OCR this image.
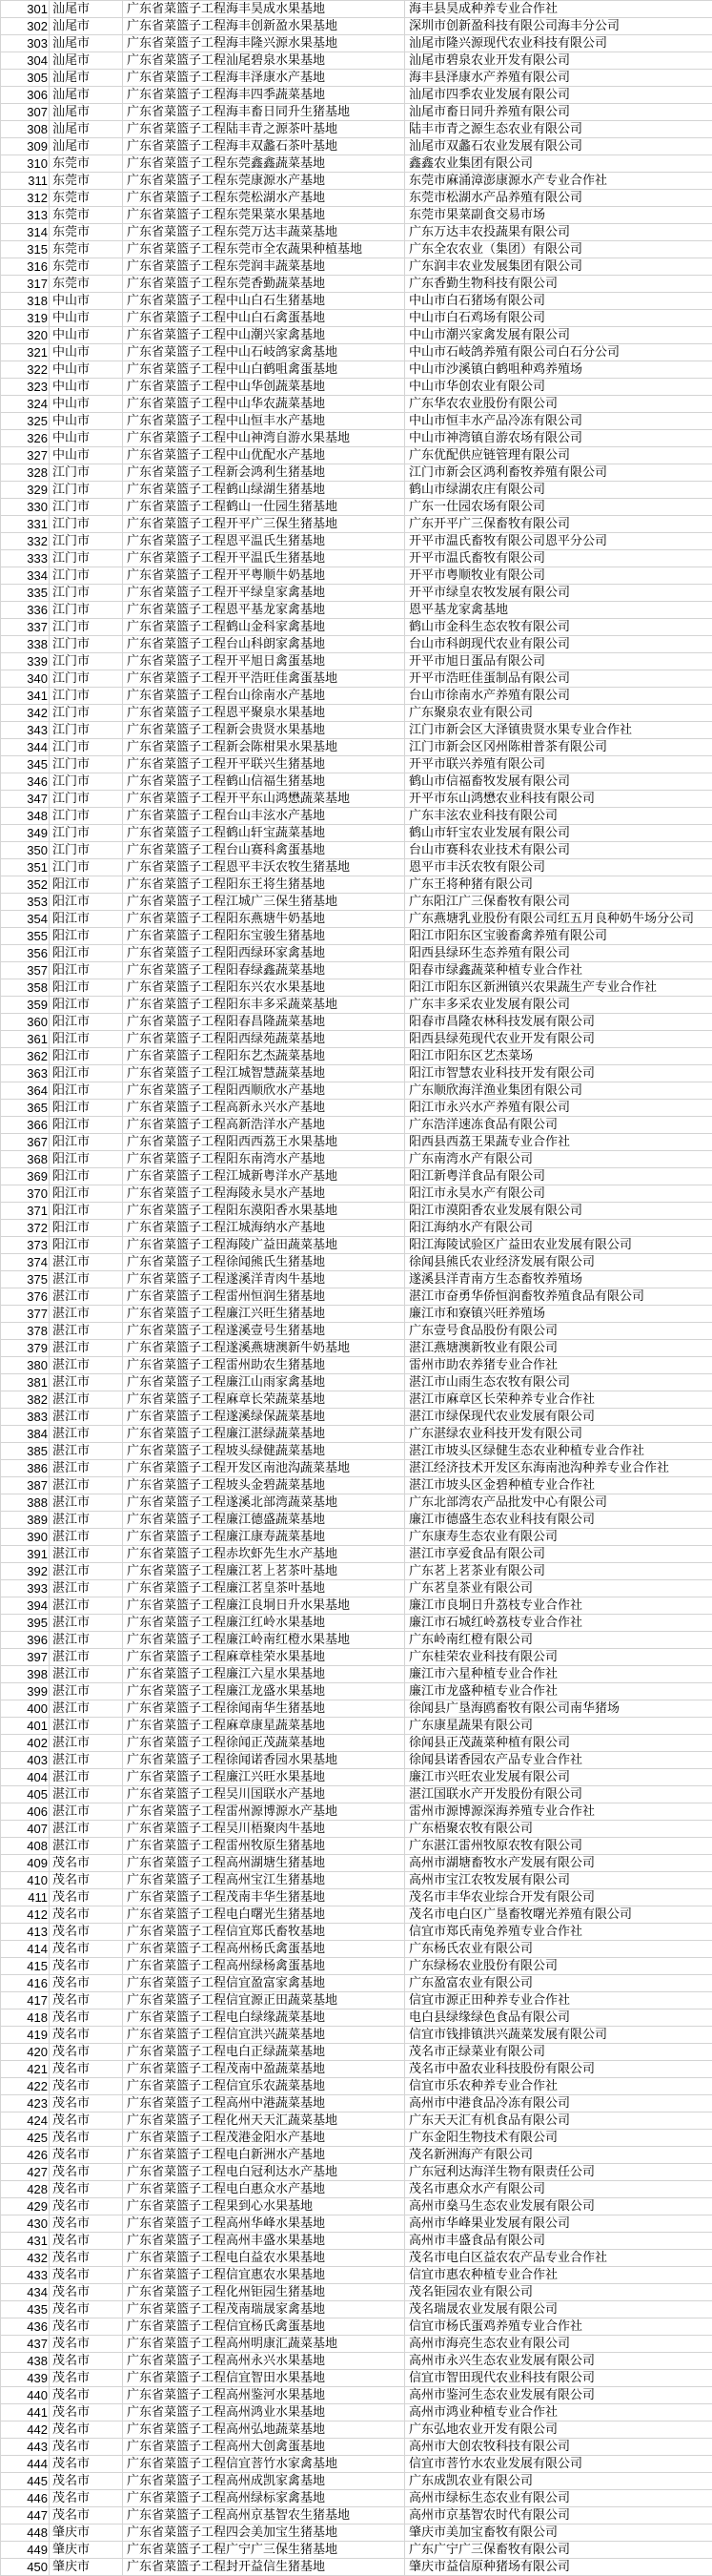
301	汕尾市	广东省菜篮子工程海丰昊成水果基地	海丰县昊成种养专业合作社
302	汕尾市	广东省菜篮子工程海丰创新盈水果基地	深圳市创新盈科技有限公司海丰分公司
303	汕尾市	广东省菜篮子工程海丰隆兴源水果基地	汕尾市隆兴源现代农业科技有限公司
304	汕尾市	广东省菜篮子工程汕尾碧泉水果基地	汕尾市碧泉农业开发有限公司
305	汕尾市	广东省菜篮子工程海丰泽康水产基地	海丰县泽康水产养殖有限公司
306	汕尾市	广东省菜篮子工程海丰四季蔬菜基地	汕尾市四季农业发展有限公司
307	汕尾市	广东省菜篮子工程海丰畜日同升生猪基地	汕尾市畜日同升养殖有限公司
308	汕尾市	广东省菜篮子工程陆丰青之源茶叶基地	陆丰市青之源生态农业有限公司
309	汕尾市	广东省菜篮子工程海丰双蠡石茶叶基地	汕尾市双蠡石农业发展有限公司
310	东莞市	广东省菜篮子工程东莞鑫鑫蔬菜基地	鑫鑫农业集团有限公司
311	东莞市	广东省菜篮子工程东莞康源水产基地	东莞市麻涌漳澎康源水产专业合作社
312	东莞市	广东省菜篮子工程东莞松湖水产基地	东莞市松湖水产品养殖有限公司
313	东莞市	广东省菜篮子工程东莞果菜水果基地	东莞市果菜副食交易市场
314	东莞市	广东省菜篮子工程东莞万达丰蔬菜基地	广东万达丰农投蔬果有限公司
315	东莞市	广东省菜篮子工程东莞市全农蔬果种植基地	广东全农农业（集团）有限公司
316	东莞市	广东省菜篮子工程东莞润丰蔬菜基地	广东润丰农业发展集团有限公司
317	东莞市	广东省菜篮子工程东莞香勤蔬菜基地	广东香勤生物科技有限公司
318	中山市	广东省菜篮子工程中山白石生猪基地	中山市白石猪场有限公司
319	中山市	广东省菜篮子工程中山白石禽蛋基地	中山市白石鸡场有限公司
320	中山市	广东省菜篮子工程中山潮兴家禽基地	中山市潮兴家禽发展有限公司
321	中山市	广东省菜篮子工程中山石岐鸽家禽基地	中山市石岐鸽养殖有限公司白石分公司
322	中山市	广东省菜篮子工程中山白鹤咀禽蛋基地	中山市沙溪镇白鹤咀种鸡养殖场
323	中山市	广东省菜篮子工程中山华创蔬菜基地	中山市华创农业有限公司
324	中山市	广东省菜篮子工程中山华农蔬菜基地	广东华农农业股份有限公司
325	中山市	广东省菜篮子工程中山恒丰水产基地	中山市恒丰水产品冷冻有限公司
326	中山市	广东省菜篮子工程中山神湾自游水果基地	中山市神湾镇自游农场有限公司
327	中山市	广东省菜篮子工程中山优配水产基地	广东优配供应链管理有限公司
328	江门市	广东省菜篮子工程新会鸿利生猪基地	江门市新会区鸿利畜牧养殖有限公司
329	江门市	广东省菜篮子工程鹤山绿湖生猪基地	鹤山市绿湖农庄有限公司
330	江门市	广东省菜篮子工程鹤山一仕园生猪基地	广东一仕园农场有限公司
331	江门市	广东省菜篮子工程开平广三保生猪基地	广东开平广三保畜牧有限公司
332	江门市	广东省菜篮子工程恩平温氏生猪基地	开平市温氏畜牧有限公司恩平分公司
333	江门市	广东省菜篮子工程开平温氏生猪基地	开平市温氏畜牧有限公司
334	江门市	广东省菜篮子工程开平粤顺牛奶基地	开平市粤顺牧业有限公司
335	江门市	广东省菜篮子工程开平绿皇家禽基地	开平市绿皇农牧发展有限公司
336	江门市	广东省菜篮子工程恩平基龙家禽基地	恩平基龙家禽基地
337	江门市	广东省菜篮子工程鹤山金科家禽基地	鹤山市金科生态农牧有限公司
338	江门市	广东省菜篮子工程台山科朗家禽基地	台山市科朗现代农业有限公司
339	江门市	广东省菜篮子工程开平旭日禽蛋基地	开平市旭日蛋品有限公司
340	江门市	广东省菜篮子工程开平浩旺佳禽蛋基地	开平市浩旺佳蛋制品有限公司
341	江门市	广东省菜篮子工程台山徐南水产基地	台山市徐南水产养殖有限公司
342	江门市	广东省菜篮子工程恩平聚泉水果基地	广东聚泉农业有限公司
343	江门市	广东省菜篮子工程新会贵贤水果基地	江门市新会区大泽镇贵贤水果专业合作社
344	江门市	广东省菜篮子工程新会陈柑果水果基地	江门市新会区冈州陈柑普茶有限公司
345	江门市	广东省菜篮子工程开平联兴生猪基地	开平市联兴养殖有限公司
346	江门市	广东省菜篮子工程鹤山信福生猪基地	鹤山市信福畜牧发展有限公司
347	江门市	广东省菜篮子工程开平东山鸿懋蔬菜基地	开平市东山鸿懋农业科技有限公司
348	江门市	广东省菜篮子工程台山丰泫水产基地	广东丰泫农业科技有限公司
349	江门市	广东省菜篮子工程鹤山轩宝蔬菜基地	鹤山市轩宝农业发展有限公司
350	江门市	广东省菜篮子工程台山赛科禽蛋基地	台山市赛科农业技术有限公司
351	江门市	广东省菜篮子工程恩平丰沃农牧生猪基地	恩平市丰沃农牧有限公司
352	阳江市	广东省菜篮子工程阳东王将生猪基地	广东王将种猪有限公司
353	阳江市	广东省菜篮子工程江城广三保生猪基地	广东阳江广三保畜牧有限公司
354	阳江市	广东省菜篮子工程阳东燕塘牛奶基地	广东燕塘乳业股份有限公司红五月良种奶牛场分公司
355	阳江市	广东省菜篮子工程阳东宝骏生猪基地	阳江市阳东区宝骏畜禽养殖有限公司
356	阳江市	广东省菜篮子工程阳西绿环家禽基地	阳西县绿环生态养殖有限公司
357	阳江市	广东省菜篮子工程阳春绿鑫蔬菜基地	阳春市绿鑫蔬菜种植专业合作社
358	阳江市	广东省菜篮子工程阳东兴农水果基地	阳江市阳东区新洲镇兴农果蔬生产专业合作社
359	阳江市	广东省菜篮子工程阳东丰多采蔬菜基地	广东丰多采农业发展有限公司
360	阳江市	广东省菜篮子工程阳春昌隆蔬菜基地	阳春市昌隆农林科技发展有限公司
361	阳江市	广东省菜篮子工程阳西绿苑蔬菜基地	阳西县绿苑现代农业开发有限公司
362	阳江市	广东省菜篮子工程阳东艺杰蔬菜基地	阳江市阳东区艺杰菜场
363	阳江市	广东省菜篮子工程江城智慧蔬菜基地	阳江市智慧农业科技开发有限公司
364	阳江市	广东省菜篮子工程阳西顺欣水产基地	广东顺欣海洋渔业集团有限公司
365	阳江市	广东省菜篮子工程高新永兴水产基地	阳江市永兴水产养殖有限公司
366	阳江市	广东省菜篮子工程高新浩洋水产基地	广东浩洋速冻食品有限公司
367	阳江市	广东省菜篮子工程阳西西荔王水果基地	阳西县西荔王果蔬专业合作社
368	阳江市	广东省菜篮子工程阳东南湾水产基地	广东南湾水产有限公司
369	阳江市	广东省菜篮子工程江城新粤洋水产基地	阳江新粤洋食品有限公司
370	阳江市	广东省菜篮子工程海陵永昊水产基地	阳江市永昊水产有限公司
371	阳江市	广东省菜篮子工程阳东漠阳香水果基地	阳江市漠阳香农业发展有限公司
372	阳江市	广东省菜篮子工程江城海纳水产基地	阳江海纳水产有限公司
373	阳江市	广东省菜篮子工程海陵广益田蔬菜基地	阳江海陵试验区广益田农业发展有限公司
374	湛江市	广东省菜篮子工程徐闻熊氏生猪基地	徐闻县熊氏农业经济发展有限公司
375	湛江市	广东省菜篮子工程遂溪洋青肉牛基地	遂溪县洋青南方生态畜牧养殖场
376	湛江市	广东省菜篮子工程雷州恒润生猪基地	湛江市奋勇华侨恒润畜牧养殖食品有限公司
377	湛江市	广东省菜篮子工程廉江兴旺生猪基地	廉江市和寮镇兴旺养殖场
378	湛江市	广东省菜篮子工程遂溪壹号生猪基地	广东壹号食品股份有限公司
379	湛江市	广东省菜篮子工程遂溪燕塘澳新牛奶基地	湛江燕塘澳新牧业有限公司
380	湛江市	广东省菜篮子工程雷州助农生猪基地	雷州市助农养猪专业合作社
381	湛江市	广东省菜篮子工程廉江山雨家禽基地	湛江市山雨生态农牧有限公司
382	湛江市	广东省菜篮子工程麻章长荣蔬菜基地	湛江市麻章区长荣种养专业合作社
383	湛江市	广东省菜篮子工程遂溪绿保蔬菜基地	湛江市绿保现代农业发展有限公司
384	湛江市	广东省菜篮子工程廉江湛绿蔬菜基地	广东湛绿农业科技开发有限公司
385	湛江市	广东省菜篮子工程坡头绿健蔬菜基地	湛江市坡头区绿健生态农业种植专业合作社
386	湛江市	广东省菜篮子工程开发区南池沟蔬菜基地	湛江经济技术开发区东海南池沟种养专业合作社
387	湛江市	广东省菜篮子工程坡头金碧蔬菜基地	湛江市坡头区金碧种植专业合作社
388	湛江市	广东省菜篮子工程遂溪北部湾蔬菜基地	广东北部湾农产品批发中心有限公司
389	湛江市	广东省菜篮子工程廉江德盛蔬菜基地	廉江市德盛生态农业科技有限公司
390	湛江市	广东省菜篮子工程廉江康寿蔬菜基地	广东康寿生态农业有限公司
391	湛江市	广东省菜篮子工程赤坎虾先生水产基地	湛江市享爱食品有限公司
392	湛江市	广东省菜篮子工程廉江茗上茗茶叶基地	广东茗上茗茶业有限公司
393	湛江市	广东省菜篮子工程廉江茗皇茶叶基地	广东茗皇茶业有限公司
394	湛江市	广东省菜篮子工程廉江良垌日升水果基地	廉江市良垌日升荔枝专业合作社
395	湛江市	广东省菜篮子工程廉江红岭水果基地	廉江市石城红岭荔枝专业合作社
396	湛江市	广东省菜篮子工程廉江岭南红橙水果基地	广东岭南红橙有限公司
397	湛江市	广东省菜篮子工程麻章桂荣水果基地	广东桂荣农业科技有限公司
398	湛江市	广东省菜篮子工程廉江六星水果基地	廉江市六星种植专业合作社
399	湛江市	广东省菜篮子工程廉江龙盛水果基地	廉江市龙盛种植专业合作社
400	湛江市	广东省菜篮子工程徐闻南华生猪基地	徐闻县广垦海鸥畜牧有限公司南华猪场
401	湛江市	广东省菜篮子工程麻章康星蔬菜基地	广东康星蔬果有限公司
402	湛江市	广东省菜篮子工程徐闻正茂蔬菜基地	徐闻县正茂蔬菜种植有限公司
403	湛江市	广东省菜篮子工程徐闻诺香园水果基地	徐闻县诺香园农产品专业合作社
404	湛江市	广东省菜篮子工程廉江兴旺水果基地	廉江市兴旺农业发展有限公司
405	湛江市	广东省菜篮子工程吴川国联水产基地	湛江国联水产开发股份有限公司
406	湛江市	广东省菜篮子工程雷州源博源水产基地	雷州市源博源深海养殖专业合作社
407	湛江市	广东省菜篮子工程吴川梧聚肉牛基地	广东梧聚农牧有限公司
408	湛江市	广东省菜篮子工程雷州牧原生猪基地	广东湛江雷州牧原农牧有限公司
409	茂名市	广东省菜篮子工程高州湖塘生猪基地	高州市湖塘畜牧水产发展有限公司
410	茂名市	广东省菜篮子工程高州宝江生猪基地	高州市宝江农牧发展有限公司
411	茂名市	广东省菜篮子工程茂南丰华生猪基地	茂名市丰华农业综合开发有限公司
412	茂名市	广东省菜篮子工程电白曙光生猪基地	茂名市电白区广垦畜牧曙光养殖有限公司
413	茂名市	广东省菜篮子工程信宜郑氏畜牧基地	信宜市郑氏南兔养殖专业合作社
414	茂名市	广东省菜篮子工程高州杨氏禽蛋基地	广东杨氏农业有限公司
415	茂名市	广东省菜篮子工程高州绿杨禽蛋基地	广东绿杨农业股份有限公司
416	茂名市	广东省菜篮子工程信宜盈富家禽基地	广东盈富农业有限公司
417	茂名市	广东省菜篮子工程信宜源正田蔬菜基地	信宜市源正田种养专业合作社
418	茂名市	广东省菜篮子工程电白绿缘蔬菜基地	电白县绿缘绿色食品有限公司
419	茂名市	广东省菜篮子工程信宜洪兴蔬菜基地	信宜市钱排镇洪兴蔬菜发展有限公司
420	茂名市	广东省菜篮子工程电白正绿蔬菜基地	茂名市正绿菜业有限公司
421	茂名市	广东省菜篮子工程茂南中盈蔬菜基地	茂名市中盈农业科技股份有限公司
422	茂名市	广东省菜篮子工程信宜乐农蔬菜基地	信宜市乐农种养专业合作社
423	茂名市	广东省菜篮子工程高州中港蔬菜基地	高州市中港食品冷冻有限公司
424	茂名市	广东省菜篮子工程化州天天汇蔬菜基地	广东天天汇有机食品有限公司
425	茂名市	广东省菜篮子工程茂港金阳水产基地	广东金阳生物技术有限公司
426	茂名市	广东省菜篮子工程电白新洲水产基地	茂名新洲海产有限公司
427	茂名市	广东省菜篮子工程电白冠利达水产基地	广东冠利达海洋生物有限责任公司
428	茂名市	广东省菜篮子工程电白惠众水产基地	茂名市惠众水产有限公司
429	茂名市	广东省菜篮子工程果到心水果基地	高州市燊马生态农业发展有限公司
430	茂名市	广东省菜篮子工程高州华峰水果基地	高州市华峰果业发展有限公司
431	茂名市	广东省菜篮子工程高州丰盛水果基地	高州市丰盛食品有限公司
432	茂名市	广东省菜篮子工程电白益农水果基地	茂名市电白区益农农产品专业合作社
433	茂名市	广东省菜篮子工程信宜惠农水果基地	信宜市惠农种植专业合作社
434	茂名市	广东省菜篮子工程化州钜园生猪基地	茂名钜园农业有限公司
435	茂名市	广东省菜篮子工程茂南瑞晟家禽基地	茂名瑞晟农业发展有限公司
436	茂名市	广东省菜篮子工程信宜杨氏禽蛋基地	信宜市杨氏蛋鸡养殖专业合作社
437	茂名市	广东省菜篮子工程高州明康汇蔬菜基地	高州市海亮生态农业有限公司
438	茂名市	广东省菜篮子工程高州永兴水果基地	高州市永兴生态农业发展有限公司
439	茂名市	广东省菜篮子工程信宜智田水果基地	信宜市智田现代农业科技有限公司
440	茂名市	广东省菜篮子工程高州鉴河水果基地	高州市鉴河生态农业发展有限公司
441	茂名市	广东省菜篮子工程高州鸿业水果基地	高州市鸿业种植专业合作社
442	茂名市	广东省菜篮子工程高州弘地蔬菜基地	广东弘地农业开发有限公司
443	茂名市	广东省菜篮子工程高州大创禽蛋基地	高州市大创农牧科技有限公司
444	茂名市	广东省菜篮子工程信宜菩竹水家禽基地	信宜市菩竹水农业发展有限公司
445	茂名市	广东省菜篮子工程高州成凯家禽基地	广东成凯农业有限公司
446	茂名市	广东省菜篮子工程高州绿标家禽基地	高州市绿标生态农业有限公司
447	茂名市	广东省菜篮子工程高州京基智农生猪基地	高州市京基智农时代有限公司
448	肇庆市	广东省菜篮子工程四会美加宝生猪基地	肇庆市美加宝畜牧有限公司
449	肇庆市	广东省菜篮子工程广宁广三保生猪基地	广东广宁广三保畜牧有限公司
450	肇庆市	广东省菜篮子工程封开益信生猪基地	肇庆市益信原种猪场有限公司
